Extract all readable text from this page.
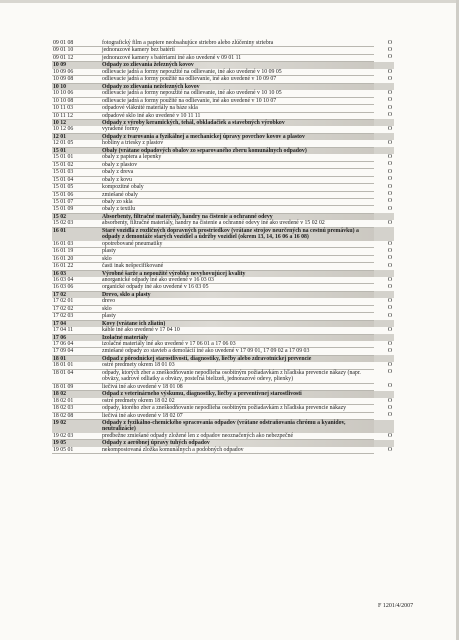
09 01 08	fotografický film a papiere neobsahujúce striebro alebo zlúčeniny striebra	O
09 01 10	jednorazové kamery bez batérií	O
09 01 12	jednorazové kamery s batériami iné ako uvedené v 09 01 11	O
10 09	Odpady zo zlievania železných kovov	
10 09 06	odlievacie jadrá a formy nepoužité na odlievanie, iné ako uvedené v 10 09 05	O
10 09 08	odlievacie jadrá a formy použité na odlievanie, iné ako uvedené v 10 09 07	O
10 10	Odpady zo zlievania neželezných kovov	
10 10 06	odlievacie jadrá a formy nepoužité na odlievanie, iné ako uvedené v 10 10 05	O
10 10 08	odlievacie jadrá a formy použité na odlievanie, iné ako uvedené v 10 10 07	O
10 11 03	odpadové vláknité materiály na báze skla	O
10 11 12	odpadové sklo iné ako uvedené v 10 11 11	O
10 12	Odpady z výroby keramických, tehál, obkladačiek a stavebných výrobkov	
10 12 06	vyradené formy	O
12 01	Odpady z tvarovania a fyzikálnej a mechanickej úpravy povrchov kovov a plastov	
12 01 05	hobliny a triesky z plastov	O
15 01	Obaly (vrátane odpadových obalov zo separovaného zberu komunálnych odpadov)	
15 01 01	obaly z papiera a lepenky	O
15 01 02	obaly z plastov	O
15 01 03	obaly z dreva	O
15 01 04	obaly z kovu	O
15 01 05	kompozitné obaly	O
15 01 06	zmiešané obaly	O
15 01 07	obaly zo skla	O
15 01 09	obaly z textilu	O
15 02	Absorbenty, filtračné materiály, handry na čistenie a ochranné odevy	
15 02 03	absorbenty, filtračné materiály, handry na čistenie a ochranné odevy iné ako uvedené v 15 02 02	O
16 01	Staré vozidlá z rozličných dopravných prostriedkov (vrátane strojov neurčených na cestnú premávku) a odpady z demontáže starých vozidiel a údržby vozidiel (okrem 13, 14, 16 06 a 16 08)	
16 01 03	opotrebované pneumatiky	O
16 01 19	plasty	O
16 01 20	sklo	O
16 01 22	časti inak nešpecifikované	O
16 03	Výrobné šarže a nepoužité výrobky nevyhovujúcej kvality	
16 03 04	anorganické odpady iné ako uvedené v 16 03 03	O
16 03 06	organické odpady iné ako uvedené v 16 03 05	O
17 02	Drevo, sklo a plasty	
17 02 01	drevo	O
17 02 02	sklo	O
17 02 03	plasty	O
17 04	Kovy (vrátane ich zliatin)	
17 04 11	káble iné ako uvedené v 17 04 10	O
17 06	Izolačné materiály	
17 06 04	izolačné materiály iné ako uvedené v 17 06 01 a 17 06 03	O
17 09 04	zmiešané odpady zo stavieb a demolácií iné ako uvedené v 17 09 01, 17 09 02 a 17 09 03	O
18 01	Odpad z pôrodníckej starostlivosti, diagnostiky, liečby alebo zdravotníckej prevencie	
18 01 01	ostré predmety okrem 18 01 03	O
18 01 04	odpady, ktorých zber a zneškodňovanie nepodlieha osobitným požiadavkám z hľadiska prevencie nákazy (napr. obväzy, sadrové odliatky a obväzy, posteľná bielizeň, jednorazové odevy, plienky)	O
18 01 09	liečivá iné ako uvedené v 18 01 08	O
18 02	Odpad z veterinárneho výskumu, diagnostiky, liečby a preventívnej starostlivosti	
18 02 01	ostré predmety okrem 18 02 02	O
18 02 03	odpady, ktorého zber a zneškodňovanie nepodlieha osobitným požiadavkám z hľadiska prevencie nákazy	O
18 02 08	liečivá iné ako uvedené v 18 02 07	O
19 02	Odpady z fyzikálno-chemického spracovania odpadov (vrátane odstraňovania chrómu a kyanidov, neutralizácie)	
19 02 03	predbežne zmiešané odpady zložené len z odpadov neoznačených ako nebezpečné	O
19 05	Odpady z aeróbnej úpravy tuhých odpadov	
19 05 01	nekompostovaná zložka komunálnych a podobných odpadov	O
F 1201/4/2007
